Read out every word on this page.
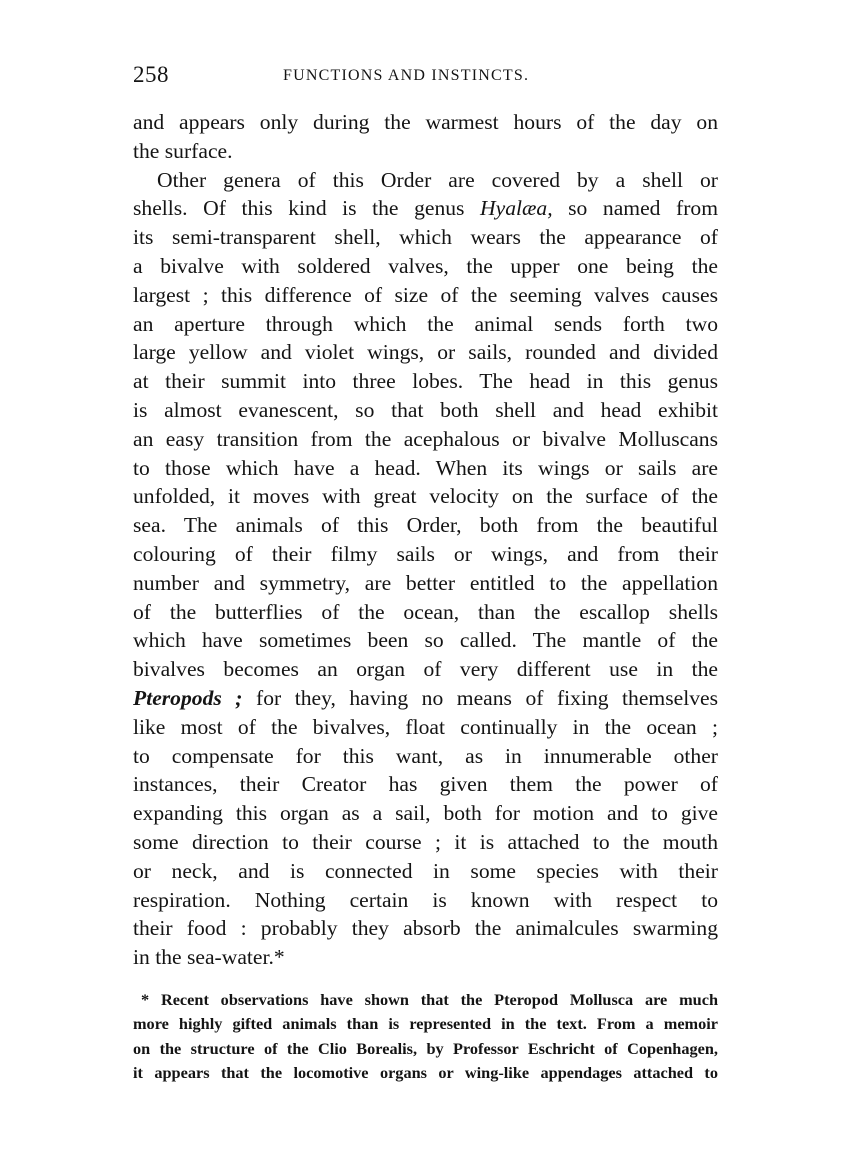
258	FUNCTIONS AND INSTINCTS.
and appears only during the warmest hours of the day on
the surface.
Other genera of this Order are covered by a shell or
shells. Of this kind is the genus Hyalæa, so named from
its semi-transparent shell, which wears the appearance of
a bivalve with soldered valves, the upper one being the
largest ; this difference of size of the seeming valves causes
an aperture through which the animal sends forth two
large yellow and violet wings, or sails, rounded and divided
at their summit into three lobes. The head in this genus
is almost evanescent, so that both shell and head exhibit
an easy transition from the acephalous or bivalve Molluscans
to those which have a head. When its wings or sails are
unfolded, it moves with great velocity on the surface of the
sea. The animals of this Order, both from the beautiful
colouring of their filmy sails or wings, and from their
number and symmetry, are better entitled to the appellation
of the butterflies of the ocean, than the escallop shells
which have sometimes been so called. The mantle of the
bivalves becomes an organ of very different use in the
Pteropods ; for they, having no means of fixing themselves
like most of the bivalves, float continually in the ocean ;
to compensate for this want, as in innumerable other
instances, their Creator has given them the power of
expanding this organ as a sail, both for motion and to give
some direction to their course ; it is attached to the mouth
or neck, and is connected in some species with their
respiration. Nothing certain is known with respect to
their food : probably they absorb the animalcules swarming
in the sea-water.*
* Recent observations have shown that the Pteropod Mollusca are much
more highly gifted animals than is represented in the text. From a memoir
on the structure of the Clio Borealis, by Professor Eschricht of Copenhagen,
it appears that the locomotive organs or wing-like appendages attached to
